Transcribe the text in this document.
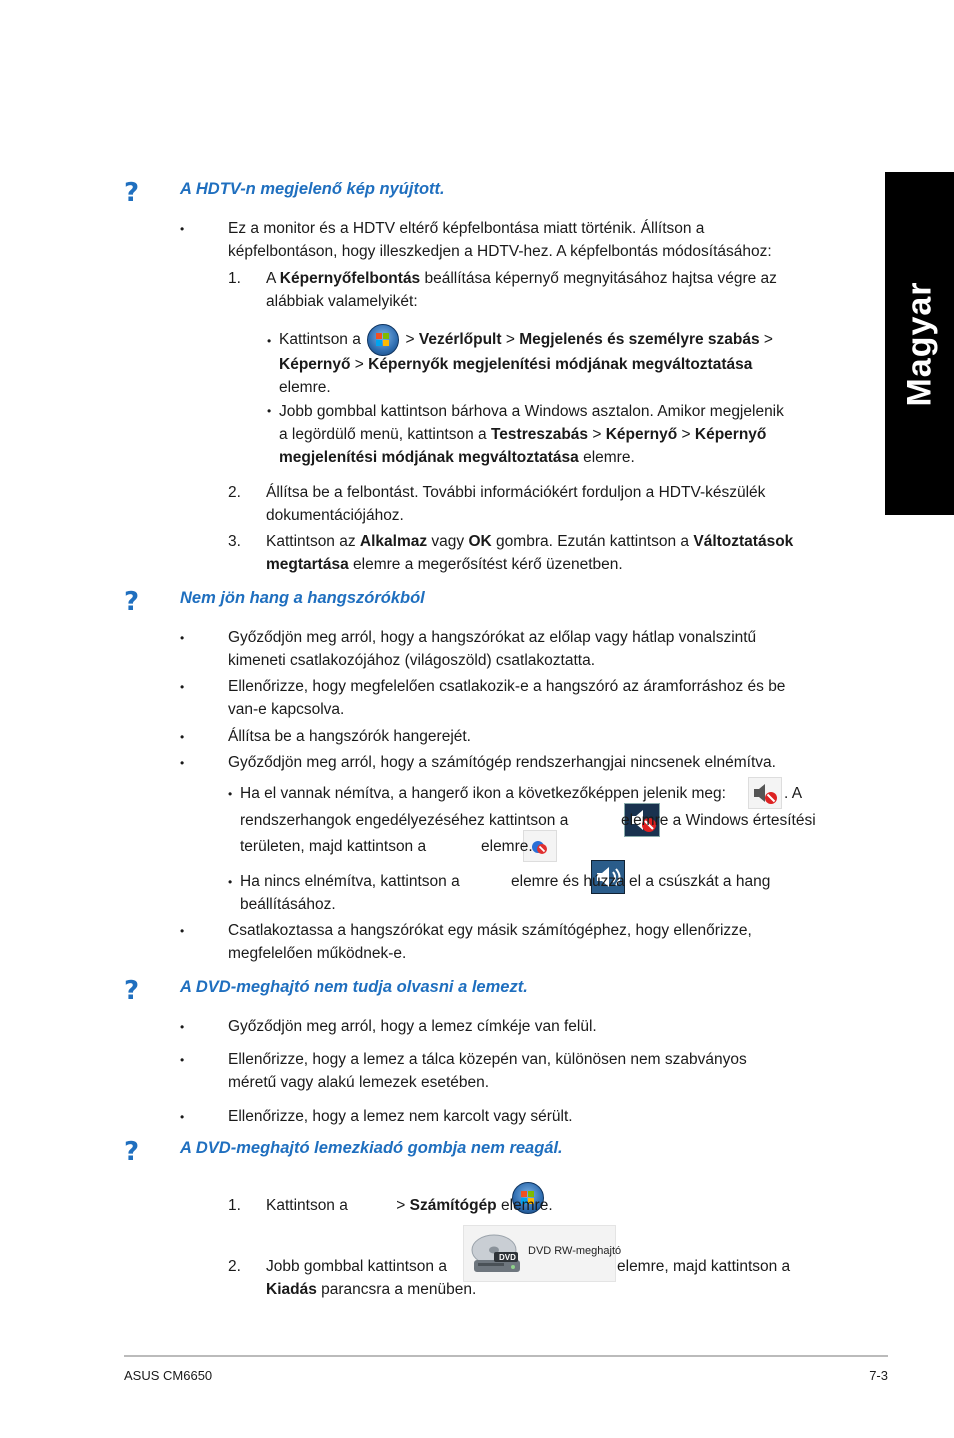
Magyar
? A HDTV-n megjelenő kép nyújtott.
•	Ez a monitor és a HDTV eltérő képfelbontása miatt történik. Állítson a
képfelbontáson, hogy illeszkedjen a HDTV-hez. A képfelbontás módosításához:
1. A Képernyőfelbontás beállítása képernyő megnyitásához hajtsa végre az
alábbiak valamelyikét:
• Kattintson a
> Vezérlőpult > Megjelenés és személyre szabás >
Képernyő > Képernyők megjelenítési módjának megváltoztatása
elemre.
• Jobb gombbal kattintson bárhova a Windows asztalon. Amikor megjelenik
a legördülő menü, kattintson a Testreszabás > Képernyő > Képernyő
megjelenítési módjának megváltoztatása elemre.
2. Állítsa be a felbontást. További információkért forduljon a HDTV-készülék
dokumentációjához.
3. Kattintson az Alkalmaz vagy OK gombra. Ezután kattintson a Változtatások
megtartása elemre a megerősítést kérő üzenetben.
? Nem jön hang a hangszórókból
•	Győződjön meg arról, hogy a hangszórókat az előlap vagy hátlap vonalszintű
kimeneti csatlakozójához (világoszöld) csatlakoztatta.
•	Ellenőrizze, hogy megfelelően csatlakozik-e a hangszóró az áramforráshoz és be
van-e kapcsolva.
•	Állítsa be a hangszórók hangerejét.
•	Győződjön meg arról, hogy a számítógép rendszerhangjai nincsenek elnémítva.
• Ha el vannak némítva, a hangerő ikon a következőképpen jelenik meg:
	. A
rendszerhangok engedélyezéséhez kattintson a
	elemre a Windows értesítési
területen, majd kattintson a
	elemre.
• Ha nincs elnémítva, kattintson a
	elemre és húzza el a csúszkát a hang
beállításához.
•	Csatlakoztassa a hangszórókat egy másik számítógéphez, hogy ellenőrizze,
megfelelően működnek-e.
? A DVD-meghajtó nem tudja olvasni a lemezt.
•	Győződjön meg arról, hogy a lemez címkéje van felül.
•	Ellenőrizze, hogy a lemez a tálca közepén van, különösen nem szabványos
méretű vagy alakú lemezek esetében.
•	Ellenőrizze, hogy a lemez nem karcolt vagy sérült.
? A DVD-meghajtó lemezkiadó gombja nem reagál.
1. Kattintson a	> Számítógép elemre.
2. Jobb gombbal kattintson a
DVD
DVD RW-meghajtó
elemre, majd kattintson a
Kiadás parancsra a menüben.
ASUS CM6650	7-3
